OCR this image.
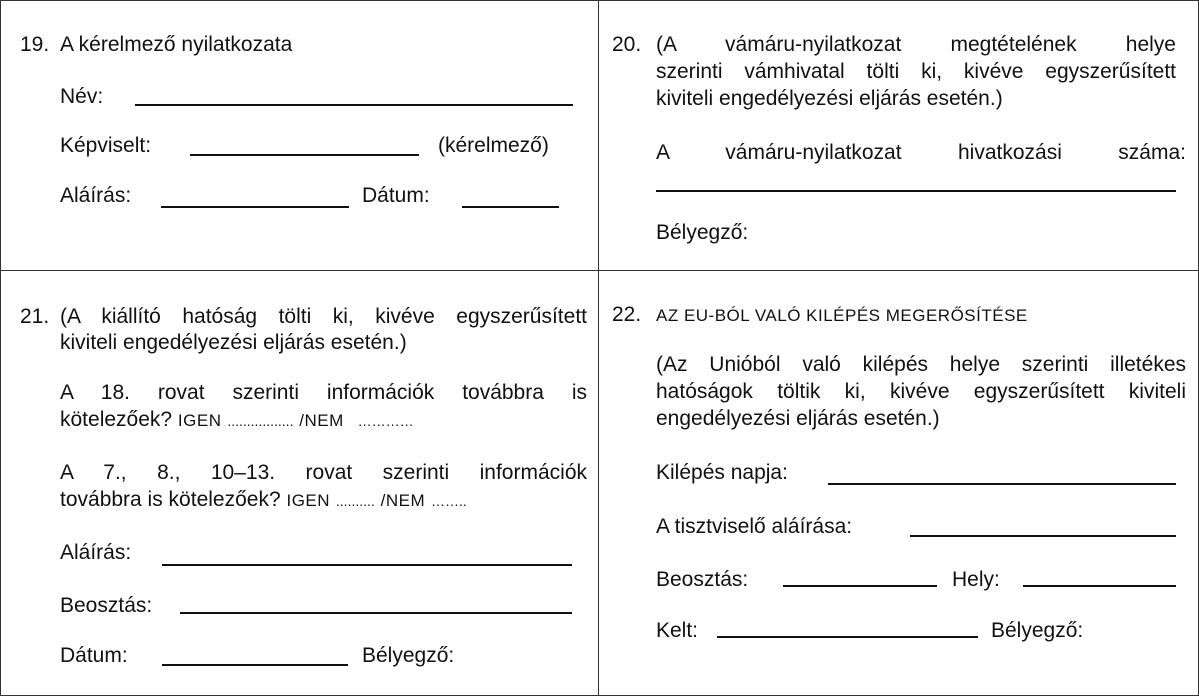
19. A kérelmező nyilatkozata
Név:
Képviselt:	(kérelmező)
Aláírás:	Dátum:
20. (A vámáru-nyilatkozat megtételének helye
szerinti vámhivatal tölti ki, kivéve egyszerűsített
kiviteli engedélyezési eljárás esetén.)
A vámáru-nyilatkozat hivatkozási száma:
Bélyegző:
21. (A kiállító hatóság tölti ki, kivéve egyszerűsített
kiviteli engedélyezési eljárás esetén.)
A 18. rovat szerinti információk továbbra is
kötelezőek? IGEN ................. /NEM …………
A 7., 8., 10–13. rovat szerinti információk
továbbra is kötelezőek? IGEN .......... /NEM ……..
Aláírás:
Beosztás:
Dátum:	Bélyegző:
22. AZ EU-BÓL VALÓ KILÉPÉS MEGERŐSÍTÉSE
(Az Unióból való kilépés helye szerinti illetékes
hatóságok töltik ki, kivéve egyszerűsített kiviteli
engedélyezési eljárás esetén.)
Kilépés napja:
A tisztviselő aláírása:
Beosztás:	Hely:
Kelt:	Bélyegző:
